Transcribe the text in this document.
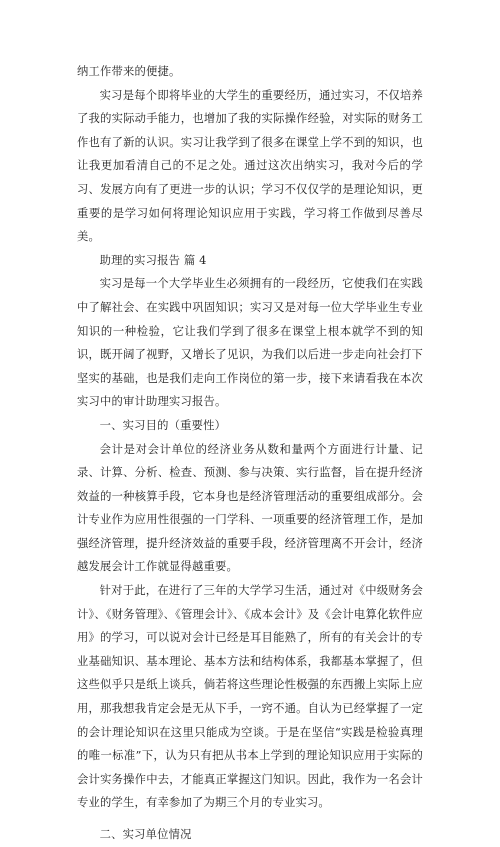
纳工作带来的便捷。

实习是每个即将毕业的大学生的重要经历，通过实习，不仅培养了我的实际动手能力，也增加了我的实际操作经验，对实际的财务工作也有了新的认识。实习让我学到了很多在课堂上学不到的知识，也让我更加看清自己的不足之处。通过这次出纳实习，我对今后的学习、发展方向有了更进一步的认识；学习不仅仅学的是理论知识，更重要的是学习如何将理论知识应用于实践，学习将工作做到尽善尽美。

助理的实习报告 篇 4

实习是每一个大学毕业生必须拥有的一段经历，它使我们在实践中了解社会、在实践中巩固知识；实习又是对每一位大学毕业生专业知识的一种检验，它让我们学到了很多在课堂上根本就学不到的知识，既开阔了视野，又增长了见识，为我们以后进一步走向社会打下坚实的基础，也是我们走向工作岗位的第一步，接下来请看我在本次实习中的审计助理实习报告。

一、实习目的（重要性）

会计是对会计单位的经济业务从数和量两个方面进行计量、记录、计算、分析、检查、预测、参与决策、实行监督，旨在提升经济效益的一种核算手段，它本身也是经济管理活动的重要组成部分。会计专业作为应用性很强的一门学科、一项重要的经济管理工作，是加强经济管理，提升经济效益的重要手段，经济管理离不开会计，经济越发展会计工作就显得越重要。

针对于此，在进行了三年的大学学习生活，通过对《中级财务会计》、《财务管理》、《管理会计》、《成本会计》及《会计电算化软件应用》的学习，可以说对会计已经是耳目能熟了，所有的有关会计的专业基础知识、基本理论、基本方法和结构体系，我都基本掌握了，但这些似乎只是纸上谈兵，倘若将这些理论性极强的东西搬上实际上应用，那我想我肯定会是无从下手，一窍不通。自认为已经掌握了一定的会计理论知识在这里只能成为空谈。于是在坚信“实践是检验真理的唯一标准”下，认为只有把从书本上学到的理论知识应用于实际的会计实务操作中去，才能真正掌握这门知识。因此，我作为一名会计专业的学生，有幸参加了为期三个月的专业实习。

二、实习单位情况
